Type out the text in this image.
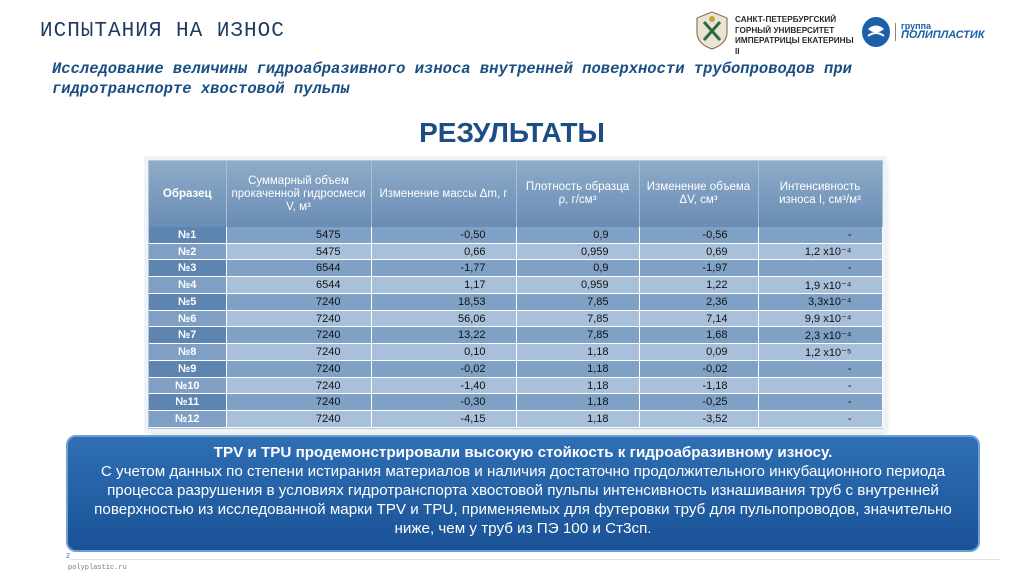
ИСПЫТАНИЯ НА ИЗНОС
Исследование величины гидроабразивного износа внутренней поверхности трубопроводов при гидротранспорте хвостовой пульпы
САНКТ-ПЕТЕРБУРГСКИЙ
ГОРНЫЙ УНИВЕРСИТЕТ
ИМПЕРАТРИЦЫ ЕКАТЕРИНЫ II
группа
ПОЛИПЛАСТИК
РЕЗУЛЬТАТЫ
Образец	Суммарный объем прокаченной гидросмеси V, м³	Изменение массы Δm, г	Плотность образца ρ, г/см³	Изменение объема ΔV, см³	Интенсивность износа I, см³/м³
№1	5475	-0,50	0,9	-0,56	-
№2	5475	0,66	0,959	0,69	1,2 х10⁻⁴
№3	6544	-1,77	0,9	-1,97	-
№4	6544	1,17	0,959	1,22	1,9 х10⁻⁴
№5	7240	18,53	7,85	2,36	3,3х10⁻⁴
№6	7240	56,06	7,85	7,14	9,9 х10⁻⁴
№7	7240	13,22	7,85	1,68	2,3 х10⁻⁴
№8	7240	0,10	1,18	0,09	1,2 х10⁻⁵
№9	7240	-0,02	1,18	-0,02	-
№10	7240	-1,40	1,18	-1,18	-
№11	7240	-0,30	1,18	-0,25	-
№12	7240	-4,15	1,18	-3,52	-
TPV и TPU продемонстрировали высокую стойкость к гидроабразивному износу.
С учетом данных по степени истирания материалов и наличия достаточно продолжительного инкубационного периода процесса разрушения в условиях гидротранспорта хвостовой пульпы интенсивность изнашивания труб с внутренней поверхностью из исследованной марки TPV и TPU, применяемых для футеровки труб для пульпопроводов, значительно ниже, чем у труб из ПЭ 100 и Ст3сп.
2
polyplastic.ru
